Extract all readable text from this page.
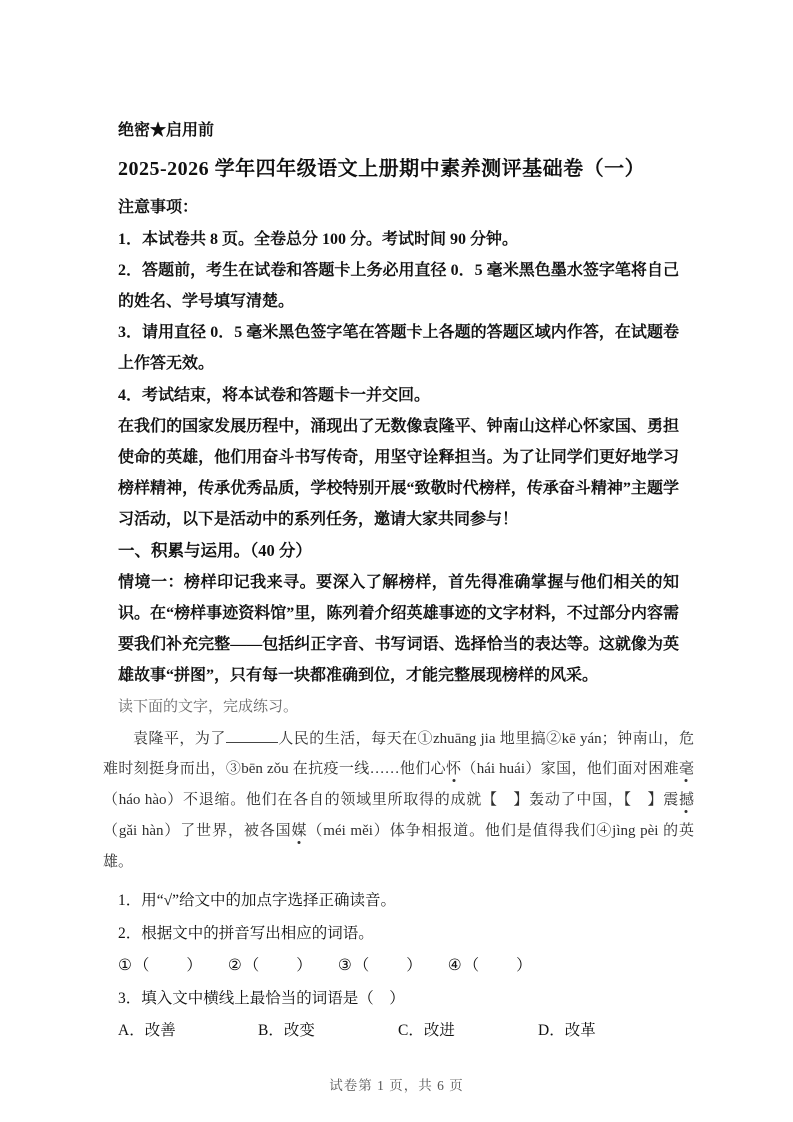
绝密★启用前

2025-2026 学年四年级语文上册期中素养测评基础卷（一）

注意事项：

1．本试卷共 8 页。全卷总分 100 分。考试时间 90 分钟。

2．答题前，考生在试卷和答题卡上务必用直径 0．5 毫米黑色墨水签字笔将自己的姓名、学号填写清楚。

3．请用直径 0．5 毫米黑色签字笔在答题卡上各题的答题区域内作答，在试题卷上作答无效。

4．考试结束，将本试卷和答题卡一并交回。

在我们的国家发展历程中，涌现出了无数像袁隆平、钟南山这样心怀家国、勇担使命的英雄，他们用奋斗书写传奇，用坚守诠释担当。为了让同学们更好地学习榜样精神，传承优秀品质，学校特别开展“致敬时代榜样，传承奋斗精神”主题学习活动，以下是活动中的系列任务，邀请大家共同参与！

一、积累与运用。（40 分）

情境一：榜样印记我来寻。要深入了解榜样，首先得准确掌握与他们相关的知识。在“榜样事迹资料馆”里，陈列着介绍英雄事迹的文字材料，不过部分内容需要我们补充完整——包括纠正字音、书写词语、选择恰当的表达等。这就像为英雄故事“拼图”，只有每一块都准确到位，才能完整展现榜样的风采。

读下面的文字，完成练习。

袁隆平，为了	人民的生活，每天在①zhuāng jia 地里搞②kē yán；钟南山，危难时刻挺身而出，③bēn zǒu 在抗疫一线……他们心怀（hái huái）家国，他们面对困难毫（háo hào）不退缩。他们在各自的领域里所取得的成就【　】轰动了中国，【　】震撼（gǎi hàn）了世界，被各国媒（méi měi）体争相报道。他们是值得我们④jìng pèi 的英雄。

1．用“√”给文中的加点字选择正确读音。

2．根据文中的拼音写出相应的词语。

①（　　） ②（　　） ③（　　） ④（　　）

3．填入文中横线上最恰当的词语是（　）

A．改善	B．改变	C．改进	D．改革
试卷第 1 页，共 6 页
